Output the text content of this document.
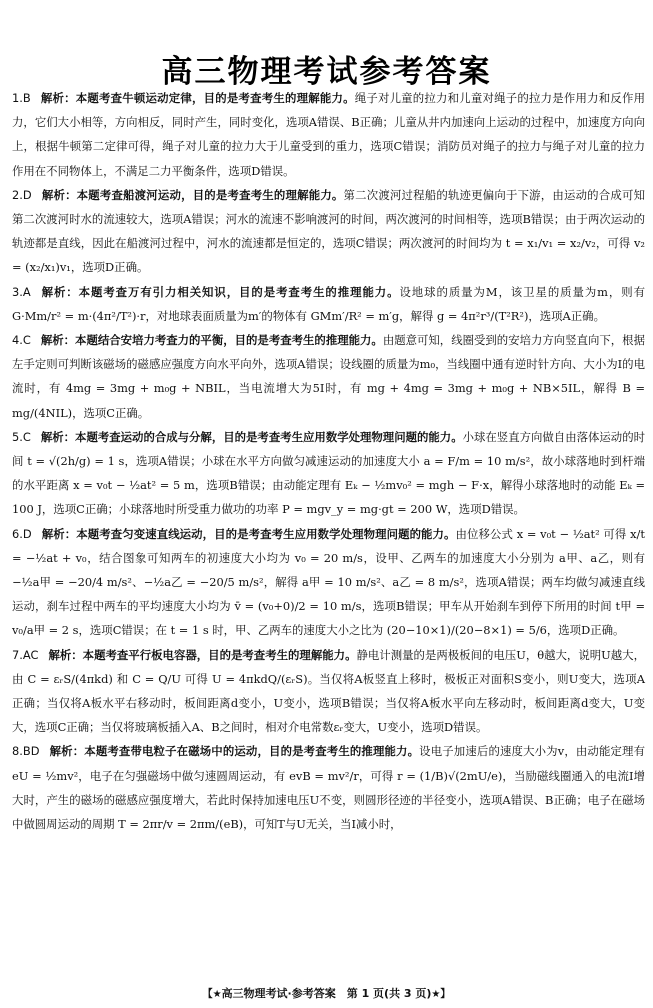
高三物理考试参考答案

1.B 解析：本题考查牛顿运动定律，目的是考查考生的理解能力。绳子对儿童的拉力和儿童对绳子的拉力是作用力和反作用力，它们大小相等，方向相反，同时产生，同时变化，选项A错误、B正确；儿童从井内加速向上运动的过程中，加速度方向向上，根据牛顿第二定律可得，绳子对儿童的拉力大于儿童受到的重力，选项C错误；消防员对绳子的拉力与绳子对儿童的拉力作用在不同物体上，不满足二力平衡条件，选项D错误。

2.D 解析：本题考查船渡河运动，目的是考查考生的理解能力。第二次渡河过程船的轨迹更偏向于下游，由运动的合成可知第二次渡河时水的流速较大，选项A错误；河水的流速不影响渡河的时间，两次渡河的时间相等，选项B错误；由于两次运动的轨迹都是直线，因此在船渡河过程中，河水的流速都是恒定的，选项C错误；两次渡河的时间均为 t = x₁/v₁ = x₂/v₂，可得 v₂ = (x₂/x₁)v₁，选项D正确。

3.A 解析：本题考查万有引力相关知识，目的是考查考生的推理能力。设地球的质量为M，该卫星的质量为m，则有 G·Mm/r² = m·(4π²/T²)·r，对地球表面质量为m′的物体有 GMm′/R² = m′g，解得 g = 4π²r³/(T²R²)，选项A正确。

4.C 解析：本题结合安培力考查力的平衡，目的是考查考生的推理能力。由题意可知，线圈受到的安培力方向竖直向下，根据左手定则可判断该磁场的磁感应强度方向水平向外，选项A错误；设线圈的质量为m₀，当线圈中通有逆时针方向、大小为I的电流时，有 4mg = 3mg + m₀g + NBIL，当电流增大为5I时，有 mg + 4mg = 3mg + m₀g + NB×5IL，解得 B = mg/(4NIL)，选项C正确。

5.C 解析：本题考查运动的合成与分解，目的是考查考生应用数学处理物理问题的能力。小球在竖直方向做自由落体运动的时间 t = √(2h/g) = 1 s，选项A错误；小球在水平方向做匀减速运动的加速度大小 a = F/m = 10 m/s²，故小球落地时到杆端的水平距离 x = v₀t − ½at² = 5 m，选项B错误；由动能定理有 Eₖ − ½mv₀² = mgh − F·x，解得小球落地时的动能 Eₖ = 100 J，选项C正确；小球落地时所受重力做功的功率 P = mgv_y = mg·gt = 200 W，选项D错误。

6.D 解析：本题考查匀变速直线运动，目的是考查考生应用数学处理物理问题的能力。由位移公式 x = v₀t − ½at² 可得 x/t = −½at + v₀，结合图象可知两车的初速度大小均为 v₀ = 20 m/s，设甲、乙两车的加速度大小分别为 a甲、a乙，则有 −½a甲 = −20/4 m/s²、−½a乙 = −20/5 m/s²，解得 a甲 = 10 m/s²、a乙 = 8 m/s²，选项A错误；两车均做匀减速直线运动，刹车过程中两车的平均速度大小均为 v̄ = (v₀+0)/2 = 10 m/s，选项B错误；甲车从开始刹车到停下所用的时间 t甲 = v₀/a甲 = 2 s，选项C错误；在 t = 1 s 时，甲、乙两车的速度大小之比为 (20−10×1)/(20−8×1) = 5/6，选项D正确。

7.AC 解析：本题考查平行板电容器，目的是考查考生的理解能力。静电计测量的是两极板间的电压U，θ越大，说明U越大，由 C = εᵣS/(4πkd) 和 C = Q/U 可得 U = 4πkdQ/(εᵣS)。当仅将A板竖直上移时，极板正对面积S变小，则U变大，选项A正确；当仅将A板水平右移动时，板间距离d变小，U变小，选项B错误；当仅将A板水平向左移动时，板间距离d变大，U变大，选项C正确；当仅将玻璃板插入A、B之间时，相对介电常数εᵣ变大，U变小，选项D错误。

8.BD 解析：本题考查带电粒子在磁场中的运动，目的是考查考生的推理能力。设电子加速后的速度大小为v，由动能定理有 eU = ½mv²，电子在匀强磁场中做匀速圆周运动，有 evB = mv²/r，可得 r = (1/B)√(2mU/e)，当励磁线圈通入的电流I增大时，产生的磁场的磁感应强度增大，若此时保持加速电压U不变，则圆形径迹的半径变小，选项A错误、B正确；电子在磁场中做圆周运动的周期 T = 2πr/v = 2πm/(eB)，可知T与U无关，当I减小时，

【★高三物理考试·参考答案　第 1 页(共 3 页)★】
